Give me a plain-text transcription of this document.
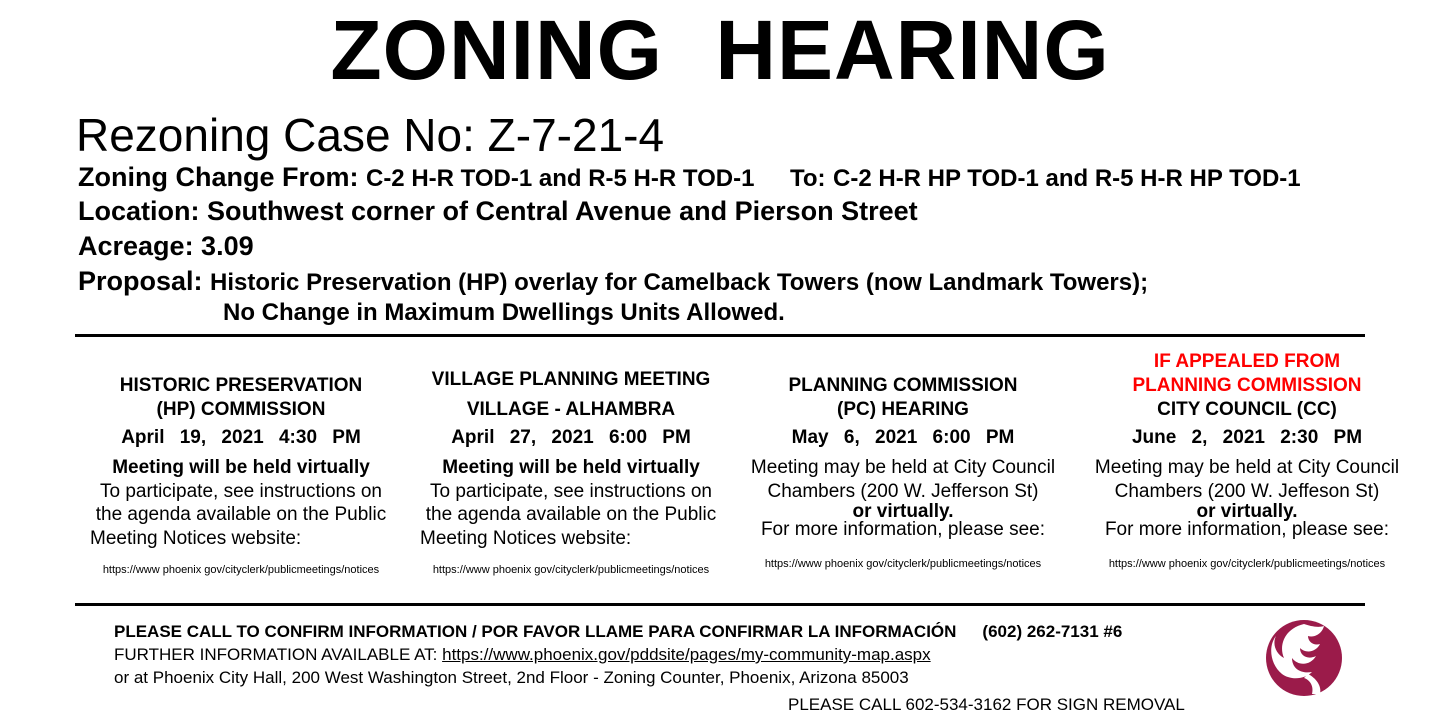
ZONING HEARING
Rezoning Case No: Z-7-21-4
Zoning Change From: C-2 H-R TOD-1 and R-5 H-R TOD-1 To: C-2 H-R HP TOD-1 and R-5 H-R HP TOD-1
Location: Southwest corner of Central Avenue and Pierson Street
Acreage: 3.09
Proposal: Historic Preservation (HP) overlay for Camelback Towers (now Landmark Towers);
No Change in Maximum Dwellings Units Allowed.
HISTORIC PRESERVATION
(HP) COMMISSION
April 19, 2021 4:30 PM
Meeting will be held virtually
To participate, see instructions on
the agenda available on the Public
Meeting Notices website:
https://www phoenix gov/cityclerk/publicmeetings/notices
VILLAGE PLANNING MEETING
VILLAGE - ALHAMBRA
April 27, 2021 6:00 PM
Meeting will be held virtually
To participate, see instructions on
the agenda available on the Public
Meeting Notices website:
https://www phoenix gov/cityclerk/publicmeetings/notices
PLANNING COMMISSION
(PC) HEARING
May 6, 2021 6:00 PM
Meeting may be held at City Council
Chambers (200 W. Jefferson St)
or virtually.
For more information, please see:
https://www phoenix gov/cityclerk/publicmeetings/notices
IF APPEALED FROM
PLANNING COMMISSION
CITY COUNCIL (CC)
June 2, 2021 2:30 PM
Meeting may be held at City Council
Chambers (200 W. Jeffeson St)
or virtually.
For more information, please see:
https://www phoenix gov/cityclerk/publicmeetings/notices
PLEASE CALL TO CONFIRM INFORMATION / POR FAVOR LLAME PARA CONFIRMAR LA INFORMACIÓN (602) 262-7131 #6
FURTHER INFORMATION AVAILABLE AT: https://www.phoenix.gov/pddsite/pages/my-community-map.aspx
or at Phoenix City Hall, 200 West Washington Street, 2nd Floor - Zoning Counter, Phoenix, Arizona 85003
PLEASE CALL 602-534-3162 FOR SIGN REMOVAL
